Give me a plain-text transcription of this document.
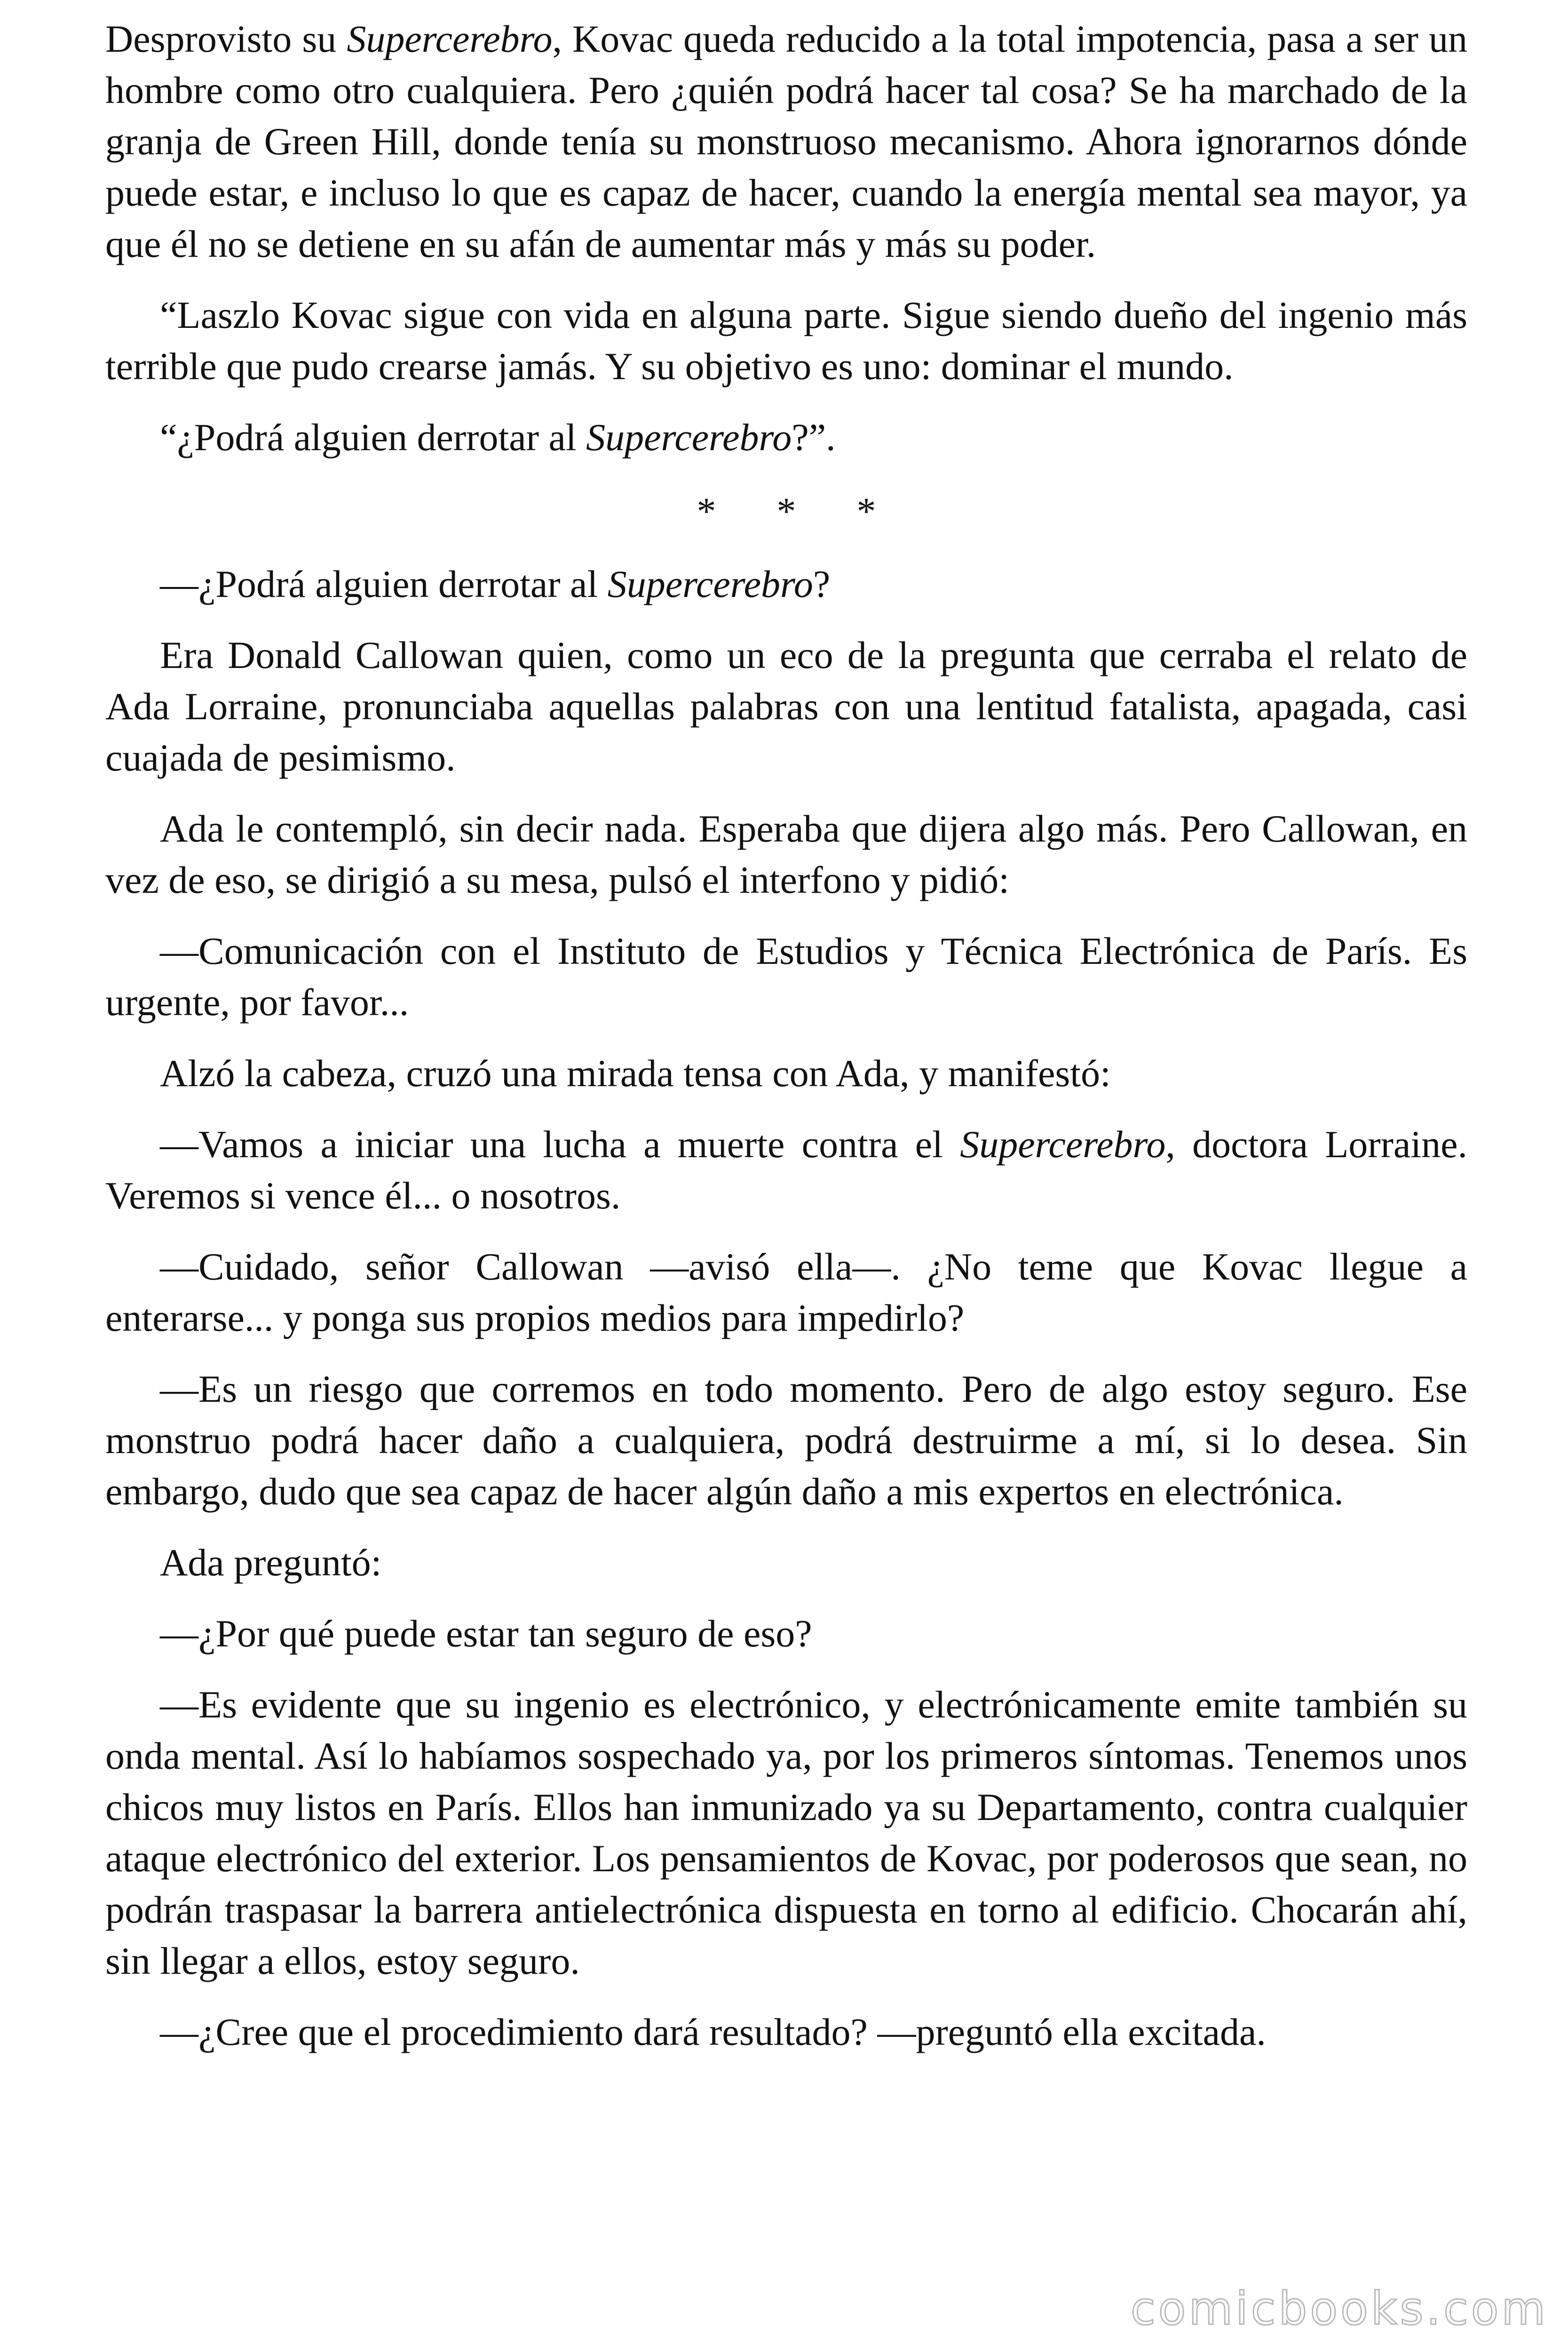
Desprovisto su Supercerebro, Kovac queda reducido a la total impotencia, pasa a ser un hombre como otro cualquiera. Pero ¿quién podrá hacer tal cosa? Se ha marchado de la granja de Green Hill, donde tenía su monstruoso mecanismo. Ahora ignorarnos dónde puede estar, e incluso lo que es capaz de hacer, cuando la energía mental sea mayor, ya que él no se detiene en su afán de aumentar más y más su poder.

“Laszlo Kovac sigue con vida en alguna parte. Sigue siendo dueño del ingenio más terrible que pudo crearse jamás. Y su objetivo es uno: dominar el mundo.

“¿Podrá alguien derrotar al Supercerebro?”.

* * *

—¿Podrá alguien derrotar al Supercerebro?

Era Donald Callowan quien, como un eco de la pregunta que cerraba el relato de Ada Lorraine, pronunciaba aquellas palabras con una lentitud fatalista, apagada, casi cuajada de pesimismo.

Ada le contempló, sin decir nada. Esperaba que dijera algo más. Pero Callowan, en vez de eso, se dirigió a su mesa, pulsó el interfono y pidió:

—Comunicación con el Instituto de Estudios y Técnica Electrónica de París. Es urgente, por favor...

Alzó la cabeza, cruzó una mirada tensa con Ada, y manifestó:

—Vamos a iniciar una lucha a muerte contra el Supercerebro, doctora Lorraine. Veremos si vence él... o nosotros.

—Cuidado, señor Callowan —avisó ella—. ¿No teme que Kovac llegue a enterarse... y ponga sus propios medios para impedirlo?

—Es un riesgo que corremos en todo momento. Pero de algo estoy seguro. Ese monstruo podrá hacer daño a cualquiera, podrá destruirme a mí, si lo desea. Sin embargo, dudo que sea capaz de hacer algún daño a mis expertos en electrónica.

Ada preguntó:

—¿Por qué puede estar tan seguro de eso?

—Es evidente que su ingenio es electrónico, y electrónicamente emite también su onda mental. Así lo habíamos sospechado ya, por los primeros síntomas. Tenemos unos chicos muy listos en París. Ellos han inmunizado ya su Departamento, contra cualquier ataque electrónico del exterior. Los pensamientos de Kovac, por poderosos que sean, no podrán traspasar la barrera antielectrónica dispuesta en torno al edificio. Chocarán ahí, sin llegar a ellos, estoy seguro.

—¿Cree que el procedimiento dará resultado? —preguntó ella excitada.

comicbooks.com
